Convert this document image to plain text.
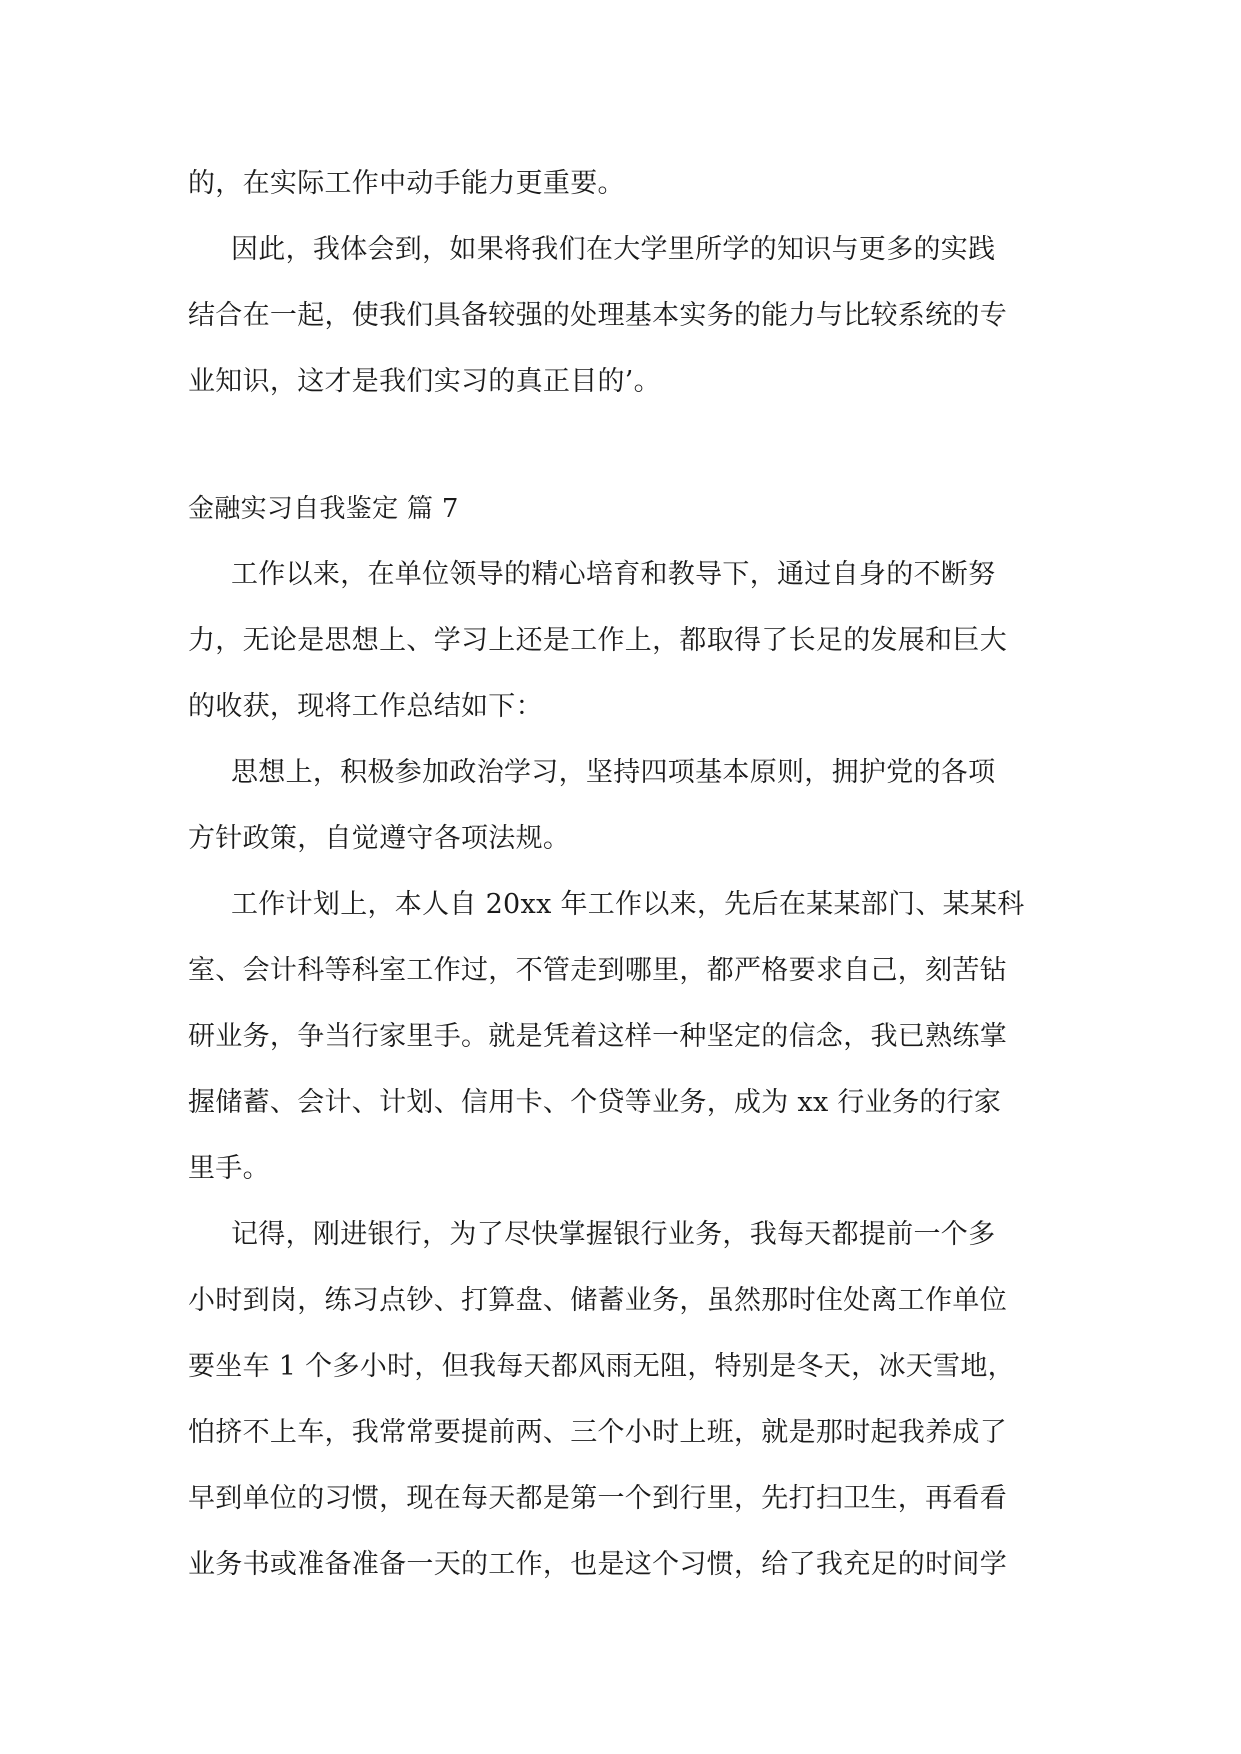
的，在实际工作中动手能力更重要。
因此，我体会到，如果将我们在大学里所学的知识与更多的实践
结合在一起，使我们具备较强的处理基本实务的能力与比较系统的专
业知识，这才是我们实习的真正目的’。
金融实习自我鉴定 篇 7
工作以来，在单位领导的精心培育和教导下，通过自身的不断努
力，无论是思想上、学习上还是工作上，都取得了长足的发展和巨大
的收获，现将工作总结如下：
思想上，积极参加政治学习，坚持四项基本原则，拥护党的各项
方针政策，自觉遵守各项法规。
工作计划上，本人自 20xx 年工作以来，先后在某某部门、某某科
室、会计科等科室工作过，不管走到哪里，都严格要求自己，刻苦钻
研业务，争当行家里手。就是凭着这样一种坚定的信念，我已熟练掌
握储蓄、会计、计划、信用卡、个贷等业务，成为 xx 行业务的行家
里手。
记得，刚进银行，为了尽快掌握银行业务，我每天都提前一个多
小时到岗，练习点钞、打算盘、储蓄业务，虽然那时住处离工作单位
要坐车 1 个多小时，但我每天都风雨无阻，特别是冬天，冰天雪地，
怕挤不上车，我常常要提前两、三个小时上班，就是那时起我养成了
早到单位的习惯，现在每天都是第一个到行里，先打扫卫生，再看看
业务书或准备准备一天的工作，也是这个习惯，给了我充足的时间学
